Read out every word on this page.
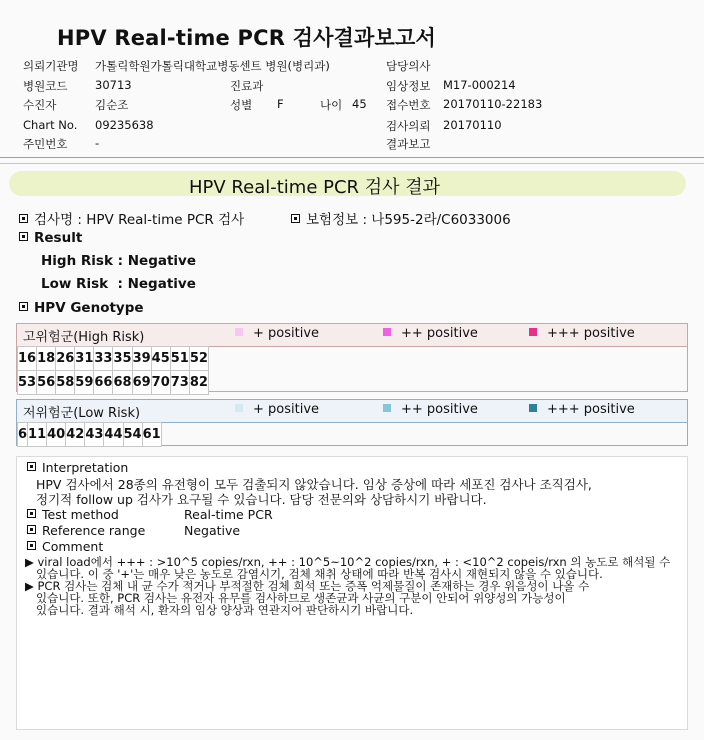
HPV Real-time PCR 검사결과보고서
의뢰기관명 가톨릭학원가톨릭대학교병동센트 병원(병리과)	담당의사
병원코드 30713	진료과	임상정보 M17-000214
수진자	김순조	성별 F	나이 45 접수번호 20170110-22183
Chart No. 09235638	검사의뢰 20170110
주민번호 -	결과보고
HPV Real-time PCR 검사 결과
검사명 : HPV Real-time PCR 검사	보험정보 : 나595-2라/C6033006
Result
High Risk : Negative
Low Risk  : Negative
HPV Genotype
고위험군(High Risk)	+ positive	++ positive	+++ positive
16	18	26	31	33	35	39	45	51	52
53	56	58	59	66	68	69	70	73	82
저위험군(Low Risk)	+ positive	++ positive	+++ positive
6	11	40	42	43	44	54	61
Interpretation
HPV 검사에서 28종의 유전형이 모두 검출되지 않았습니다. 임상 증상에 따라 세포진 검사나 조직검사,
정기적 follow up 검사가 요구될 수 있습니다. 담당 전문의와 상담하시기 바랍니다.
Test method	Real-time PCR
Reference range	Negative
Comment
▶ viral load에서 +++ : >10^5 copies/rxn, ++ : 10^5~10^2 copies/rxn, + : <10^2 copeis/rxn 의 농도로 해석될 수
있습니다. 이 중 '+'는 매우 낮은 농도로 감염시기, 검체 채취 상태에 따라 반복 검사시 재현되지 않을 수 있습니다.
▶ PCR 검사는 검체 내 균 수가 적거나 부적절한 검체 희석 또는 증폭 억제물질이 존재하는 경우 위음성이 나올 수
있습니다. 또한, PCR 검사는 유전자 유무를 검사하므로 생존균과 사균의 구분이 안되어 위양성의 가능성이
있습니다. 결과 해석 시, 환자의 임상 양상과 연관지어 판단하시기 바랍니다.
